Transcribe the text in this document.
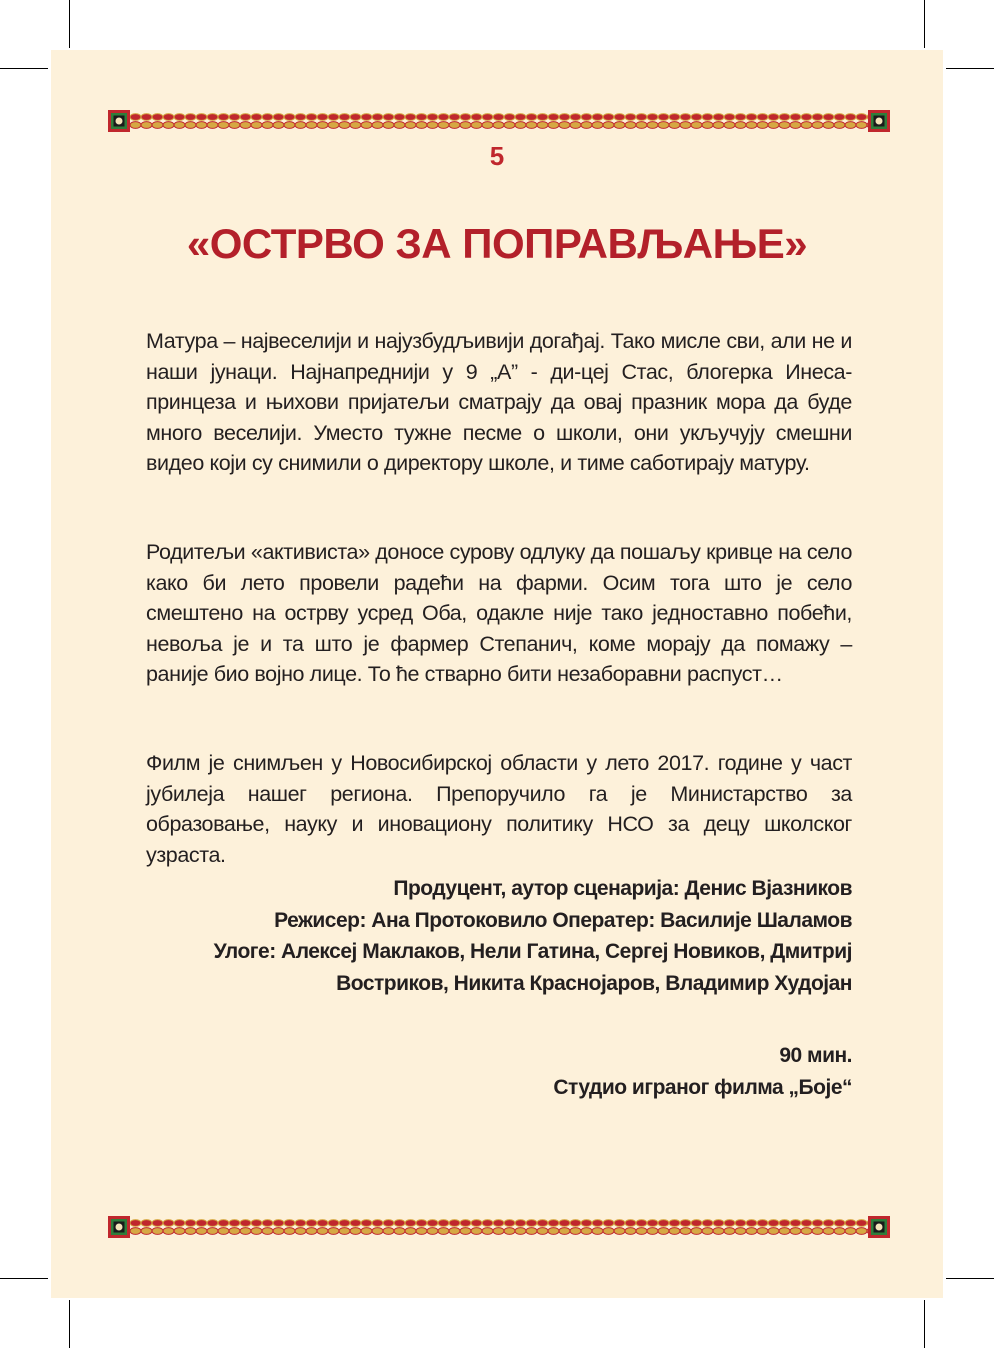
5
«ОСТРВО ЗА ПОПРАВЉАЊЕ»

Матура – највеселији и најузбудљивији догађај. Тако мисле сви, али не и наши јунаци. Најнапреднији у 9 „А” - ди-цеј Стас, блогерка Инеса-принцеза и њихови пријатељи сматрају да овај празник мора да буде много веселији. Уместо тужне песме о школи, они укључују смешни видео који су снимили о директору школе, и тиме саботирају матуру.

Родитељи «активиста» доносе сурову одлуку да пошаљу кривце на село како би лето провели радећи на фарми. Осим тога што је село смештено на острву усред Оба, одакле није тако једноставно побећи, невоља је и та што је фармер Степанич, коме морају да помажу – раније био војно лице. То ће стварно бити незаборавни распуст…

Филм је снимљен у Новосибирској области у лето 2017. године у част јубилеја нашег региона. Препоручило га је Министарство за образовање, науку и иновациону политику НСО за децу школског узраста.

Продуцент, аутор сценарија: Денис Вјазников
Режисер: Ана Протоковило Оператер: Василије Шаламов
Улоге: Алексеј Маклаков, Нели Гатина, Сергеј Новиков, Дмитриј
Востриков, Никита Краснојаров, Владимир Худојан
90 мин.
Студио играног филма „Боје“
